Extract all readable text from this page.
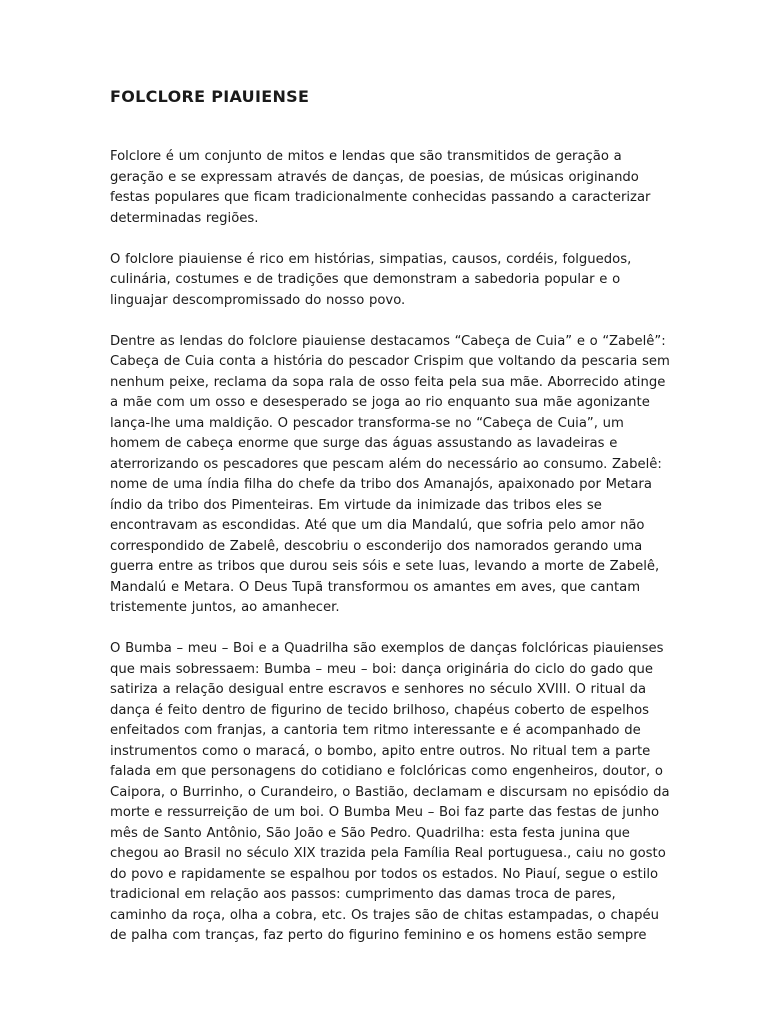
FOLCLORE PIAUIENSE

Folclore é um conjunto de mitos e lendas que são transmitidos de geração a geração e se expressam através de danças, de poesias, de músicas originando festas populares que ficam tradicionalmente conhecidas passando a caracterizar determinadas regiões.

O folclore piauiense é rico em histórias, simpatias, causos, cordéis, folguedos, culinária, costumes e de tradições que demonstram a sabedoria popular e o linguajar descompromissado do nosso povo.

Dentre as lendas do folclore piauiense destacamos “Cabeça de Cuia” e o “Zabelê”: Cabeça de Cuia conta a história do pescador Crispim que voltando da pescaria sem nenhum peixe, reclama da sopa rala de osso feita pela sua mãe. Aborrecido atinge a mãe com um osso e desesperado se joga ao rio enquanto sua mãe agonizante lança-lhe uma maldição. O pescador transforma-se no “Cabeça de Cuia”, um homem de cabeça enorme que surge das águas assustando as lavadeiras e aterrorizando os pescadores que pescam além do necessário ao consumo. Zabelê: nome de uma índia filha do chefe da tribo dos Amanajós, apaixonado por Metara índio da tribo dos Pimenteiras. Em virtude da inimizade das tribos eles se encontravam as escondidas. Até que um dia Mandalú, que sofria pelo amor não correspondido de Zabelê, descobriu o esconderijo dos namorados gerando uma guerra entre as tribos que durou seis sóis e sete luas, levando a morte de Zabelê, Mandalú e Metara. O Deus Tupã transformou os amantes em aves, que cantam tristemente juntos, ao amanhecer.

O Bumba – meu – Boi e a Quadrilha são exemplos de danças folclóricas piauienses que mais sobressaem: Bumba – meu – boi: dança originária do ciclo do gado que satiriza a relação desigual entre escravos e senhores no século XVIII. O ritual da dança é feito dentro de figurino de tecido brilhoso, chapéus coberto de espelhos enfeitados com franjas, a cantoria tem ritmo interessante e é acompanhado de instrumentos como o maracá, o bombo, apito entre outros. No ritual tem a parte falada em que personagens do cotidiano e folclóricas como engenheiros, doutor, o Caipora, o Burrinho, o Curandeiro, o Bastião, declamam e discursam no episódio da morte e ressurreição de um boi. O Bumba Meu – Boi faz parte das festas de junho mês de Santo Antônio, São João e São Pedro. Quadrilha: esta festa junina que chegou ao Brasil no século XIX trazida pela Família Real portuguesa., caiu no gosto do povo e rapidamente se espalhou por todos os estados. No Piauí, segue o estilo tradicional em relação aos passos: cumprimento das damas troca de pares, caminho da roça, olha a cobra, etc. Os trajes são de chitas estampadas, o chapéu de palha com tranças, faz perto do figurino feminino e os homens estão sempre
